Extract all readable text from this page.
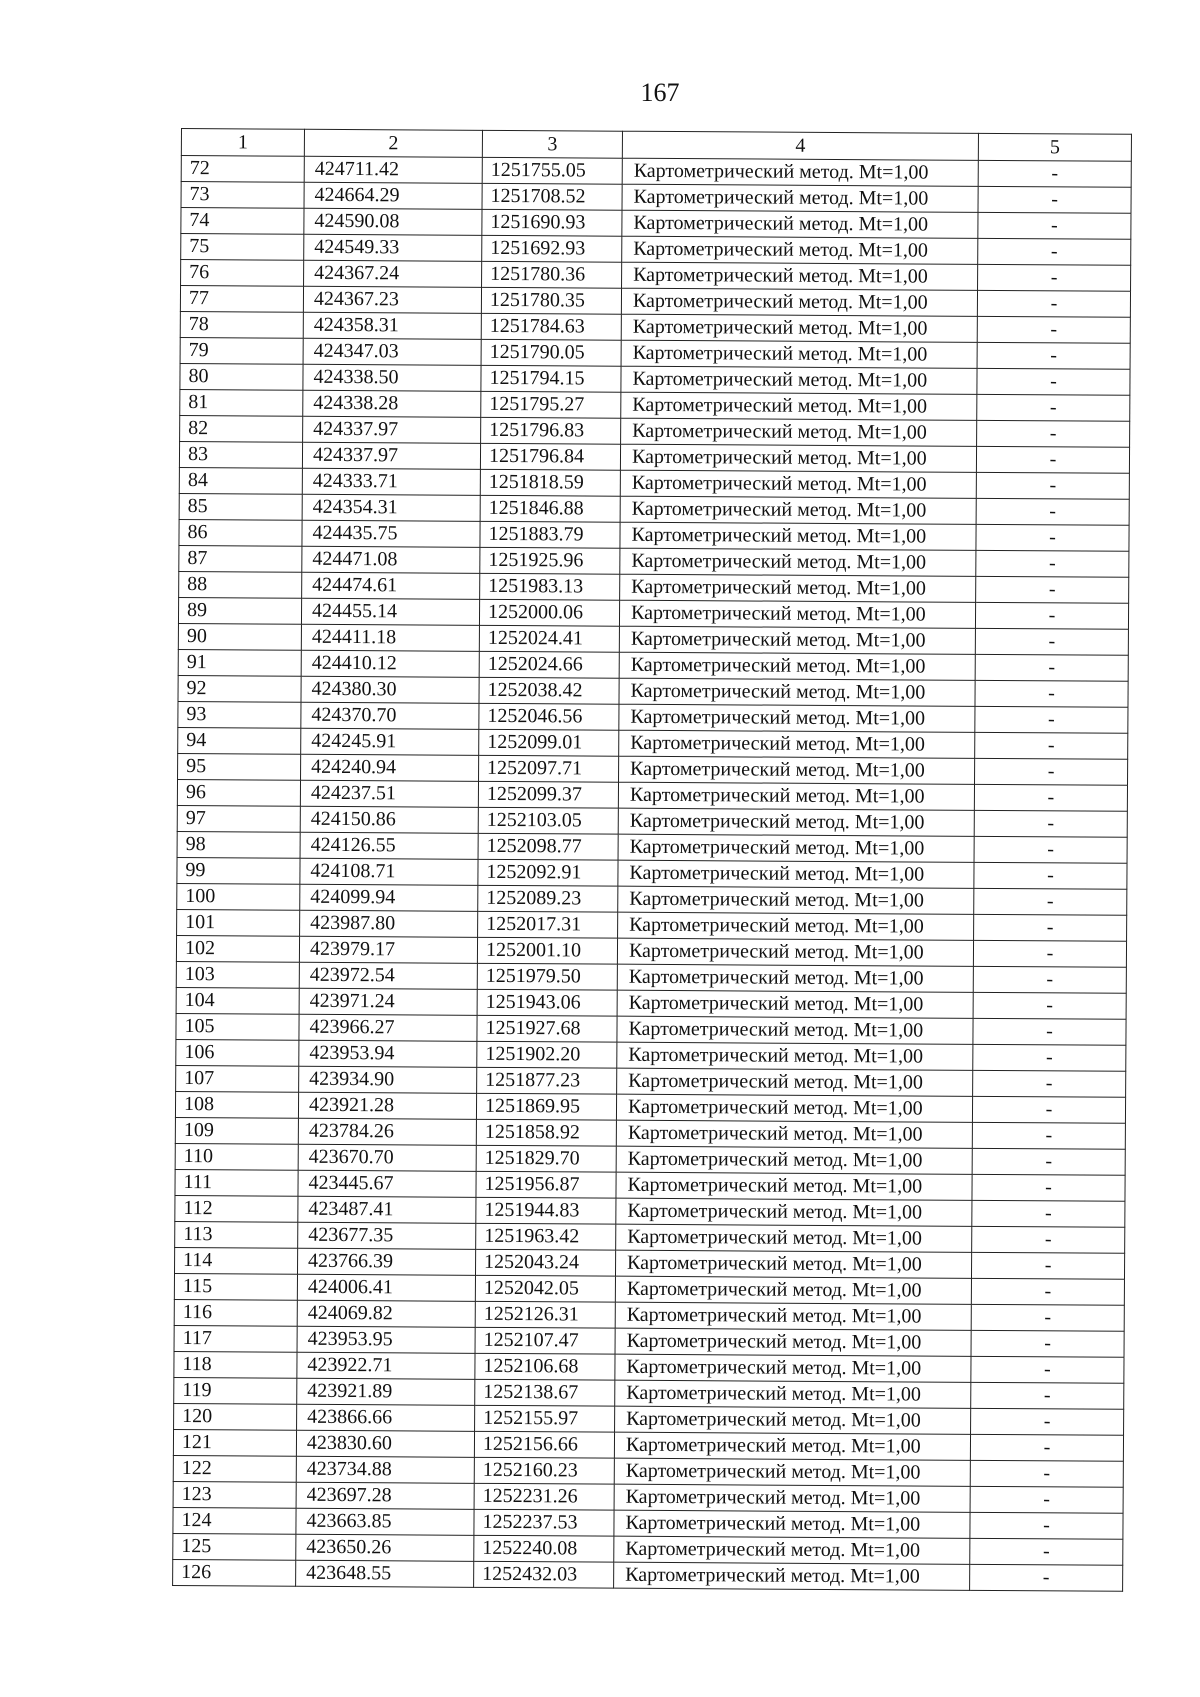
167
1	2	3	4	5
72	424711.42	1251755.05	Картометрический метод. Mt=1,00	-
73	424664.29	1251708.52	Картометрический метод. Mt=1,00	-
74	424590.08	1251690.93	Картометрический метод. Mt=1,00	-
75	424549.33	1251692.93	Картометрический метод. Mt=1,00	-
76	424367.24	1251780.36	Картометрический метод. Mt=1,00	-
77	424367.23	1251780.35	Картометрический метод. Mt=1,00	-
78	424358.31	1251784.63	Картометрический метод. Mt=1,00	-
79	424347.03	1251790.05	Картометрический метод. Mt=1,00	-
80	424338.50	1251794.15	Картометрический метод. Mt=1,00	-
81	424338.28	1251795.27	Картометрический метод. Mt=1,00	-
82	424337.97	1251796.83	Картометрический метод. Mt=1,00	-
83	424337.97	1251796.84	Картометрический метод. Mt=1,00	-
84	424333.71	1251818.59	Картометрический метод. Mt=1,00	-
85	424354.31	1251846.88	Картометрический метод. Mt=1,00	-
86	424435.75	1251883.79	Картометрический метод. Mt=1,00	-
87	424471.08	1251925.96	Картометрический метод. Mt=1,00	-
88	424474.61	1251983.13	Картометрический метод. Mt=1,00	-
89	424455.14	1252000.06	Картометрический метод. Mt=1,00	-
90	424411.18	1252024.41	Картометрический метод. Mt=1,00	-
91	424410.12	1252024.66	Картометрический метод. Mt=1,00	-
92	424380.30	1252038.42	Картометрический метод. Mt=1,00	-
93	424370.70	1252046.56	Картометрический метод. Mt=1,00	-
94	424245.91	1252099.01	Картометрический метод. Mt=1,00	-
95	424240.94	1252097.71	Картометрический метод. Mt=1,00	-
96	424237.51	1252099.37	Картометрический метод. Mt=1,00	-
97	424150.86	1252103.05	Картометрический метод. Mt=1,00	-
98	424126.55	1252098.77	Картометрический метод. Mt=1,00	-
99	424108.71	1252092.91	Картометрический метод. Mt=1,00	-
100	424099.94	1252089.23	Картометрический метод. Mt=1,00	-
101	423987.80	1252017.31	Картометрический метод. Mt=1,00	-
102	423979.17	1252001.10	Картометрический метод. Mt=1,00	-
103	423972.54	1251979.50	Картометрический метод. Mt=1,00	-
104	423971.24	1251943.06	Картометрический метод. Mt=1,00	-
105	423966.27	1251927.68	Картометрический метод. Mt=1,00	-
106	423953.94	1251902.20	Картометрический метод. Mt=1,00	-
107	423934.90	1251877.23	Картометрический метод. Mt=1,00	-
108	423921.28	1251869.95	Картометрический метод. Mt=1,00	-
109	423784.26	1251858.92	Картометрический метод. Mt=1,00	-
110	423670.70	1251829.70	Картометрический метод. Mt=1,00	-
111	423445.67	1251956.87	Картометрический метод. Mt=1,00	-
112	423487.41	1251944.83	Картометрический метод. Mt=1,00	-
113	423677.35	1251963.42	Картометрический метод. Mt=1,00	-
114	423766.39	1252043.24	Картометрический метод. Mt=1,00	-
115	424006.41	1252042.05	Картометрический метод. Mt=1,00	-
116	424069.82	1252126.31	Картометрический метод. Mt=1,00	-
117	423953.95	1252107.47	Картометрический метод. Mt=1,00	-
118	423922.71	1252106.68	Картометрический метод. Mt=1,00	-
119	423921.89	1252138.67	Картометрический метод. Mt=1,00	-
120	423866.66	1252155.97	Картометрический метод. Mt=1,00	-
121	423830.60	1252156.66	Картометрический метод. Mt=1,00	-
122	423734.88	1252160.23	Картометрический метод. Mt=1,00	-
123	423697.28	1252231.26	Картометрический метод. Mt=1,00	-
124	423663.85	1252237.53	Картометрический метод. Mt=1,00	-
125	423650.26	1252240.08	Картометрический метод. Mt=1,00	-
126	423648.55	1252432.03	Картометрический метод. Mt=1,00	-
